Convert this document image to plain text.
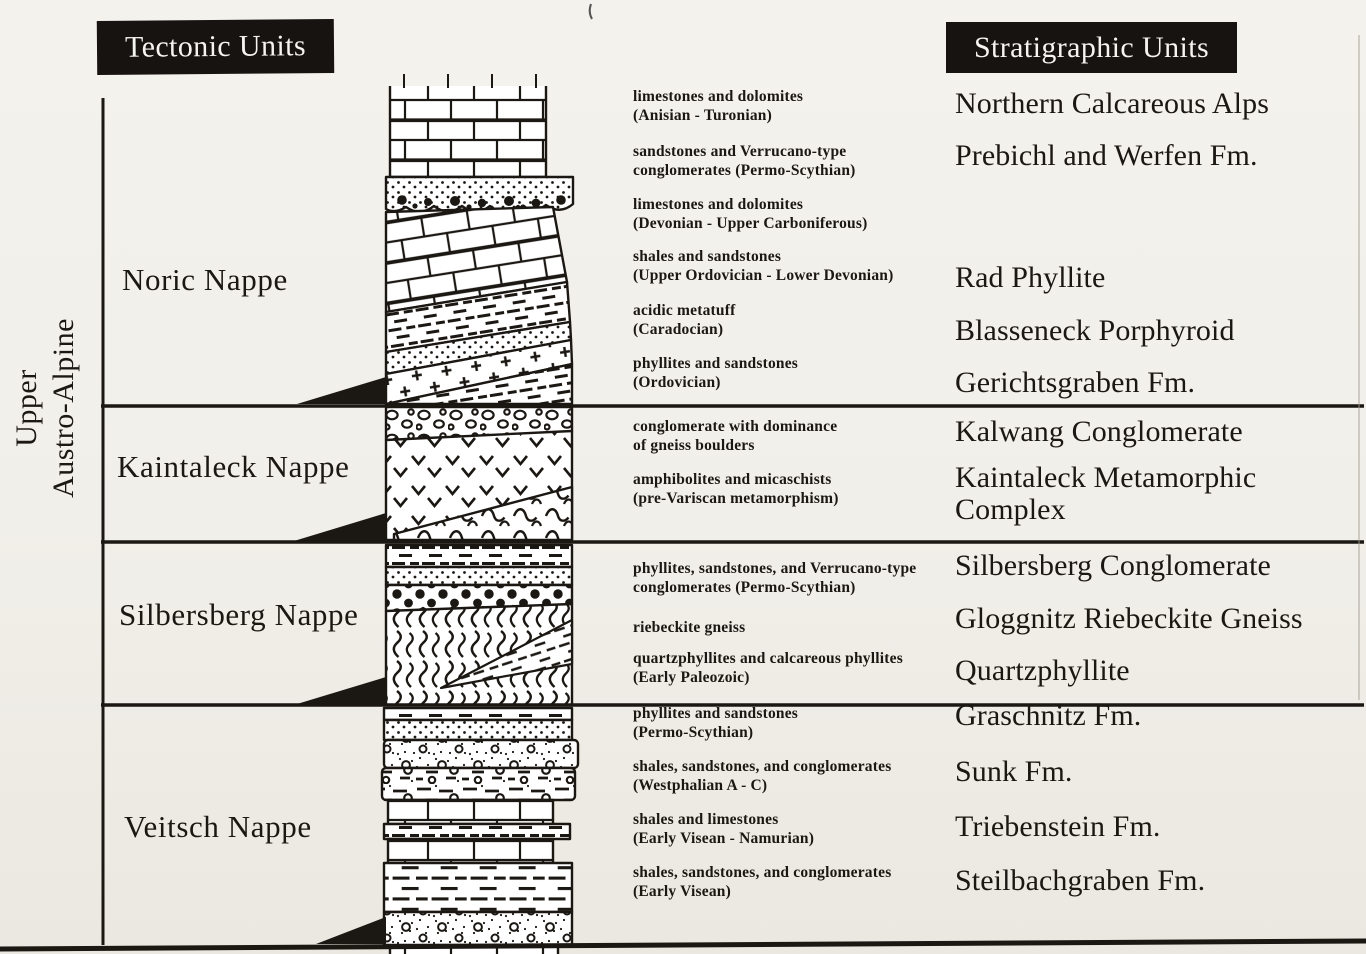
Tectonic Units	Stratigraphic Units
Upper Austro-Alpine
Noric Nappe
Kaintaleck Nappe
Silbersberg Nappe
Veitsch Nappe
limestones and dolomites
(Anisian - Turonian)
sandstones and Verrucano-type
conglomerates (Permo-Scythian)
limestones and dolomites
(Devonian - Upper Carboniferous)
shales and sandstones
(Upper Ordovician - Lower Devonian)
acidic metatuff
(Caradocian)
phyllites and sandstones
(Ordovician)
conglomerate with dominance
of gneiss boulders
amphibolites and micaschists
(pre-Variscan metamorphism)
phyllites, sandstones, and Verrucano-type
conglomerates (Permo-Scythian)
riebeckite gneiss
quartzphyllites and calcareous phyllites
(Early Paleozoic)
phyllites and sandstones
(Permo-Scythian)
shales, sandstones, and conglomerates
(Westphalian A - C)
shales and limestones
(Early Visean - Namurian)
shales, sandstones, and conglomerates
(Early Visean)
Northern Calcareous Alps
Prebichl and Werfen Fm.
Rad Phyllite
Blasseneck Porphyroid
Gerichtsgraben Fm.
Kalwang Conglomerate
Kaintaleck Metamorphic
Complex
Silbersberg Conglomerate
Gloggnitz Riebeckite Gneiss
Quartzphyllite
Graschnitz Fm.
Sunk Fm.
Triebenstein Fm.
Steilbachgraben Fm.
